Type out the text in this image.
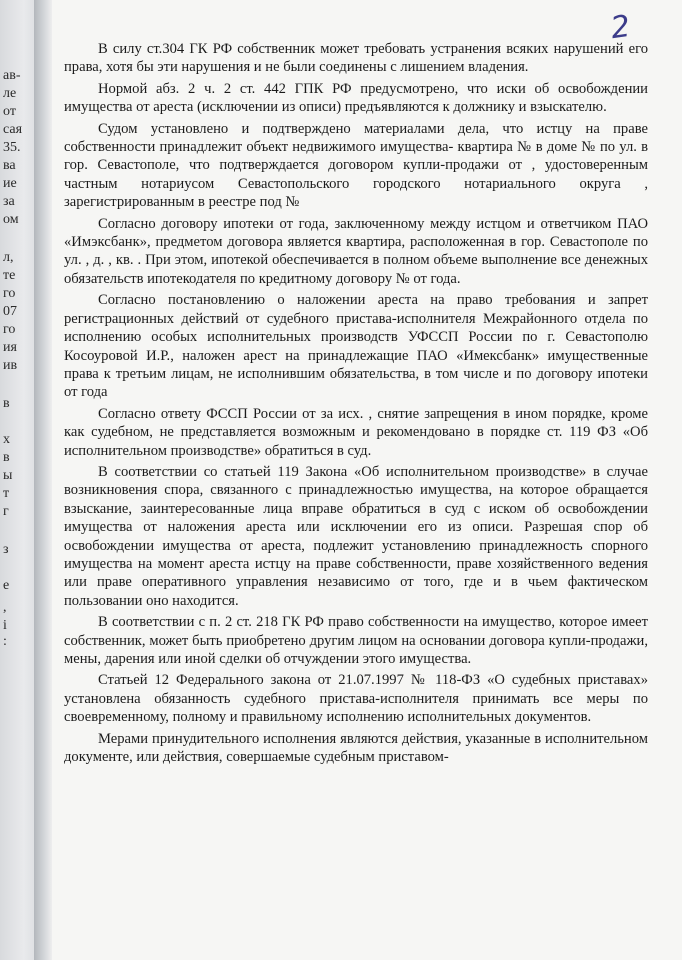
ав-
ле
от
сая
35.
ва
ие
за
ом
л,
те
го
07
го
ия
ив
в
х
в
ы
т
г
з
е
,
і
:
2

В силу ст.304 ГК РФ собственник может требовать устранения всяких нарушений его права, хотя бы эти нарушения и не были соединены с лишением владения.

Нормой абз. 2 ч. 2 ст. 442 ГПК РФ предусмотрено, что иски об освобождении имущества от ареста (исключении из описи) предъявляются к должнику и взыскателю.

Судом установлено и подтверждено материалами дела, что истцу на праве собственности принадлежит объект недвижимого имущества- квартира № в доме № по ул. в гор. Севастополе, что подтверждается договором купли-продажи от , удостоверенным частным нотариусом Севастопольского городского нотариального округа , зарегистрированным в реестре под №

Согласно договору ипотеки от года, заключенному между истцом и ответчиком ПАО «Имэксбанк», предметом договора является квартира, расположенная в гор. Севастополе по ул. , д. , кв. . При этом, ипотекой обеспечивается в полном объеме выполнение все денежных обязательств ипотекодателя по кредитному договору № от года.

Согласно постановлению о наложении ареста на право требования и запрет регистрационных действий от судебного пристава-исполнителя Межрайонного отдела по исполнению особых исполнительных производств УФССП России по г. Севастополю Косоуровой И.Р., наложен арест на принадлежащие ПАО «Имексбанк» имущественные права к третьим лицам, не исполнившим обязательства, в том числе и по договору ипотеки от года

Согласно ответу ФССП России от за исх. , снятие запрещения в ином порядке, кроме как судебном, не представляется возможным и рекомендовано в порядке ст. 119 ФЗ «Об исполнительном производстве» обратиться в суд.

В соответствии со статьей 119 Закона «Об исполнительном производстве» в случае возникновения спора, связанного с принадлежностью имущества, на которое обращается взыскание, заинтересованные лица вправе обратиться в суд с иском об освобождении имущества от наложения ареста или исключении его из описи. Разрешая спор об освобождении имущества от ареста, подлежит установлению принадлежность спорного имущества на момент ареста истцу на праве собственности, праве хозяйственного ведения или праве оперативного управления независимо от того, где и в чьем фактическом пользовании оно находится.

В соответствии с п. 2 ст. 218 ГК РФ право собственности на имущество, которое имеет собственник, может быть приобретено другим лицом на основании договора купли-продажи, мены, дарения или иной сделки об отчуждении этого имущества.

Статьей 12 Федерального закона от 21.07.1997 № 118-ФЗ «О судебных приставах» установлена обязанность судебного пристава-исполнителя принимать все меры по своевременному, полному и правильному исполнению исполнительных документов.

Мерами принудительного исполнения являются действия, указанные в исполнительном документе, или действия, совершаемые судебным приставом-
